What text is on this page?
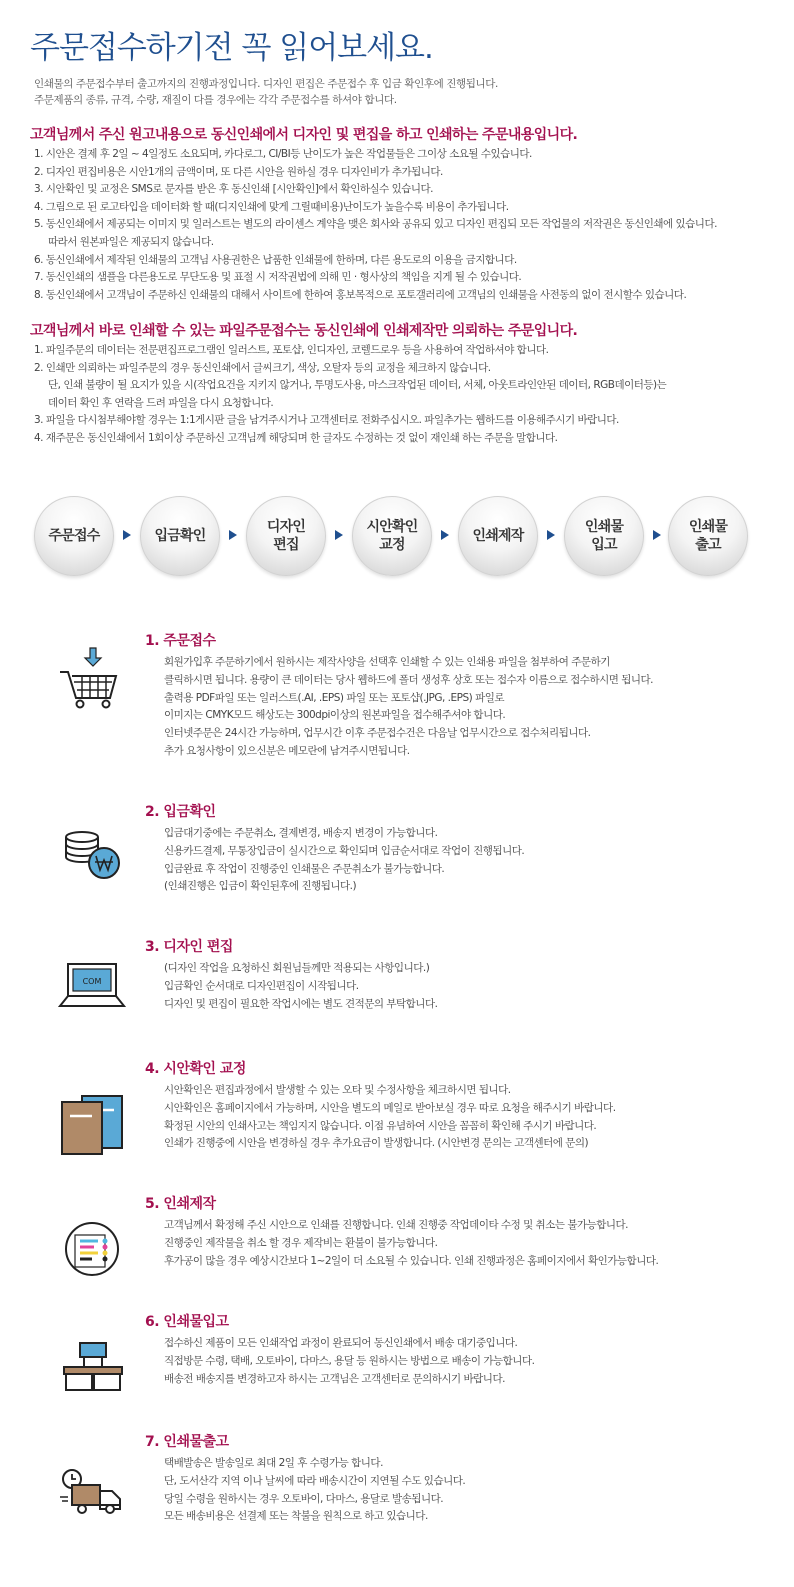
주문접수하기전 꼭 읽어보세요.
인쇄물의 주문접수부터 출고까지의 진행과정입니다. 디자인 편집은 주문접수 후 입금 확인후에 진행됩니다.
주문제품의 종류, 규격, 수량, 재질이 다를 경우에는 각각 주문접수를 하셔야 합니다.
고객님께서 주신 원고내용으로 동신인쇄에서 디자인 및 편집을 하고 인쇄하는 주문내용입니다.
1. 시안은 결제 후 2일 ~ 4일정도 소요되며, 카다로그, CI/BI등 난이도가 높은 작업물들은 그이상 소요될 수있습니다.
2. 디자인 편집비용은 시안1개의 금액이며, 또 다른 시안을 원하실 경우 디자인비가 추가됩니다.
3. 시안확인 및 교정은 SMS로 문자를 받은 후 동신인쇄 [시안확인]에서 확인하실수 있습니다.
4. 그림으로 된 로고타입을 데이터화 할 때(디지인쇄에 맞게 그릴때비용)난이도가 높을수록 비용이 추가됩니다.
5. 동신인쇄에서 제공되는 이미지 및 일러스트는 별도의 라이센스 계약을 맺은 회사와 공유되 있고 디자인 편집되 모든 작업물의 저작권은 동신인쇄에 있습니다.
따라서 원본파일은 제공되지 않습니다.
6. 동신인쇄에서 제작된 인쇄물의 고객님 사용권한은 납품한 인쇄물에 한하며, 다른 용도로의 이용을 금지합니다.
7. 동신인쇄의 샘플을 다른용도로 무단도용 및 표절 시 저작권법에 의해 민 · 형사상의 책임을 지게 될 수 있습니다.
8. 동신인쇄에서 고객님이 주문하신 인쇄물의 대해서 사이트에 한하여 홍보목적으로 포토갤러리에 고객님의 인쇄물을 사전동의 없이 전시할수 있습니다.
고객님께서 바로 인쇄할 수 있는 파일주문접수는 동신인쇄에 인쇄제작만 의뢰하는 주문입니다.
1. 파일주문의 데이터는 전문편집프로그램인 일러스트, 포토샵, 인디자인, 코렐드로우 등을 사용하여 작업하셔야 합니다.
2. 인쇄만 의뢰하는 파일주문의 경우 동신인쇄에서 글씨크기, 색상, 오탈자 등의 교정을 체크하지 않습니다.
단, 인쇄 불량이 될 요지가 있을 시(작업요건을 지키지 않거나, 투명도사용, 마스크작업된 데이터, 서체, 아웃트라인안된 데이터, RGB데이터등)는
데이터 확인 후 연락을 드려 파일을 다시 요청합니다.
3. 파일을 다시첨부해야할 경우는 1:1게시판 글을 남겨주시거나 고객센터로 전화주십시오. 파일추가는 웹하드를 이용해주시기 바랍니다.
4. 재주문은 동신인쇄에서 1회이상 주문하신 고객님께 해당되며 한 글자도 수정하는 것 없이 재인쇄 하는 주문을 말합니다.
주문접수	입금확인
디자인
편집
시안확인
교정
인쇄제작
인쇄물
입고
인쇄물
출고
1. 주문접수
회원가입후 주문하기에서 원하시는 제작사양을 선택후 인쇄할 수 있는 인쇄용 파일을 첨부하여 주문하기
클릭하시면 됩니다. 용량이 큰 데이터는 당사 웹하드에 폴더 생성후 상호 또는 접수자 이름으로 접수하시면 됩니다.
출력용 PDF파일 또는 일러스트(.AI, .EPS) 파일 또는 포토샵(.JPG, .EPS) 파일로
이미지는 CMYK모드 해상도는 300dpi이상의 원본파일을 접수해주셔야 합니다.
인터넷주문은 24시간 가능하며, 업무시간 이후 주문접수건은 다음날 업무시간으로 접수처리됩니다.
추가 요청사항이 있으신분은 메모란에 남겨주시면됩니다.
2. 입금확인
입금대기중에는 주문취소, 결제변경, 배송지 변경이 가능합니다.
신용카드결제, 무통장입금이 실시간으로 확인되며 입금순서대로 작업이 진행됩니다.
입금완료 후 작업이 진행중인 인쇄물은 주문취소가 불가능합니다.
(인쇄진행은 입금이 확인된후에 진행됩니다.)
COM
3. 디자인 편집
(디자인 작업을 요청하신 회원님들께만 적용되는 사항입니다.)
입금확인 순서대로 디자인편집이 시작됩니다.
디자인 및 편집이 필요한 작업시에는 별도 견적문의 부탁합니다.
4. 시안확인 교정
시안확인은 편집과정에서 발생할 수 있는 오타 및 수정사항을 체크하시면 됩니다.
시안확인은 홈페이지에서 가능하며, 시안을 별도의 메일로 받아보실 경우 따로 요청을 해주시기 바랍니다.
확정된 시안의 인쇄사고는 책임지지 않습니다. 이점 유념하여 시안을 꼼꼼히 확인해 주시기 바랍니다.
인쇄가 진행중에 시안을 변경하실 경우 추가요금이 발생합니다. (시안변경 문의는 고객센터에 문의)
5. 인쇄제작
고객님께서 확정해 주신 시안으로 인쇄를 진행합니다. 인쇄 진행중 작업데이타 수정 및 취소는 불가능합니다.
진행중인 제작물을 취소 할 경우 제작비는 환불이 불가능합니다.
후가공이 많을 경우 예상시간보다 1~2일이 더 소요될 수 있습니다. 인쇄 진행과정은 홈페이지에서 확인가능합니다.
6. 인쇄물입고
접수하신 제품이 모든 인쇄작업 과정이 완료되어 동신인쇄에서 배송 대기중입니다.
직접방문 수령, 택배, 오토바이, 다마스, 용달 등 원하시는 방법으로 배송이 가능합니다.
배송전 배송지를 변경하고자 하시는 고객님은 고객센터로 문의하시기 바랍니다.
7. 인쇄물출고
택배발송은 발송일로 최대 2일 후 수령가능 합니다.
단, 도서산각 지역 이나 날씨에 따라 배송시간이 지연될 수도 있습니다.
당일 수령을 원하시는 경우 오토바이, 다마스, 용달로 발송됩니다.
모든 배송비용은 선결제 또는 착불을 원칙으로 하고 있습니다.
